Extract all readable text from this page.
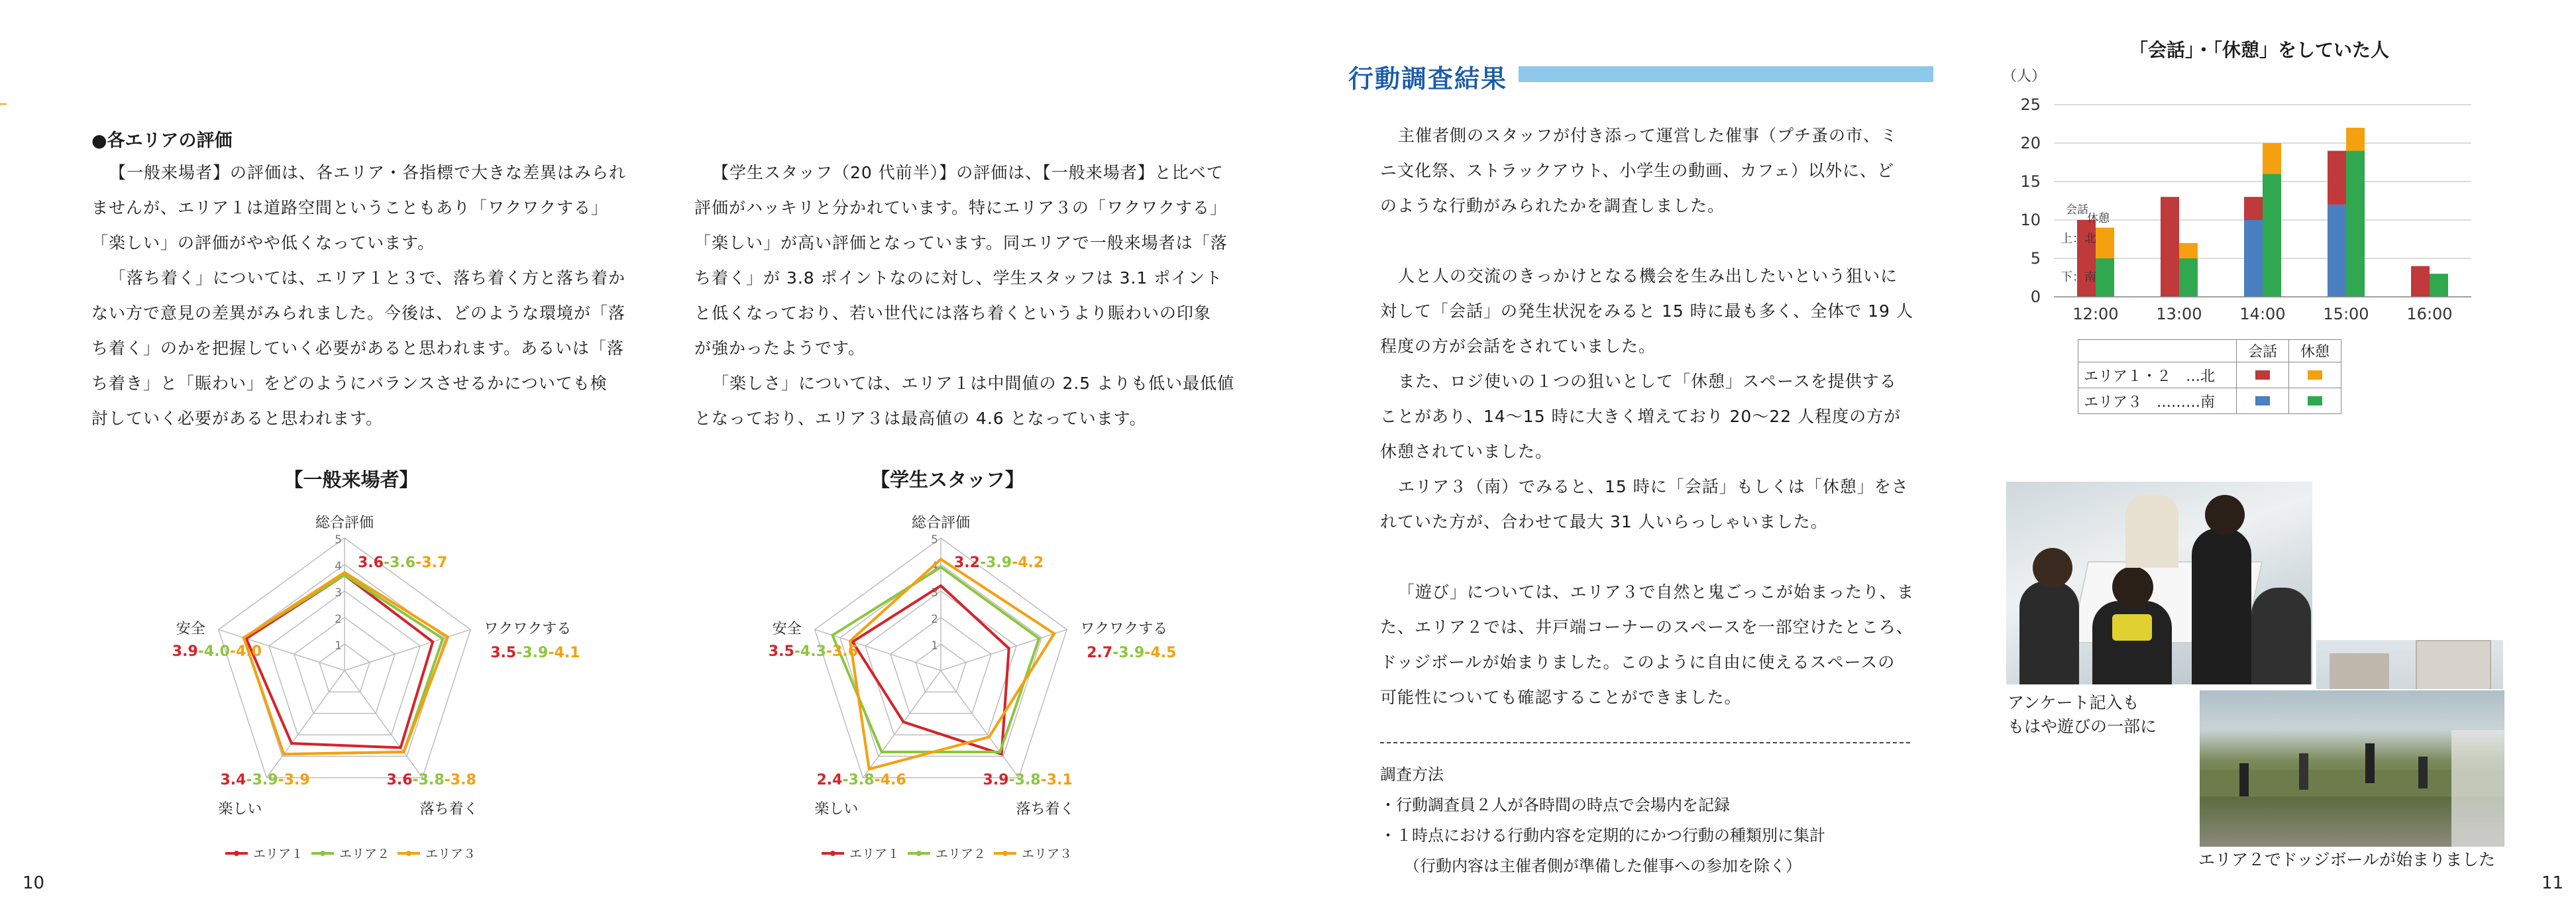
●各エリアの評価

【一般来場者】の評価は、各エリア・各指標で大きな差異はみられ

ませんが、エリア１は道路空間ということもあり「ワクワクする」

「楽しい」の評価がやや低くなっています。

「落ち着く」については、エリア１と３で、落ち着く方と落ち着か

ない方で意見の差異がみられました。今後は、どのような環境が「落

ち着く」のかを把握していく必要があると思われます。あるいは「落

ち着き」と「賑わい」をどのようにバランスさせるかについても検

討していく必要があると思われます。

【学生スタッフ（20 代前半）】の評価は、【一般来場者】と比べて

評価がハッキリと分かれています。特にエリア３の「ワクワクする」

「楽しい」が高い評価となっています。同エリアで一般来場者は「落

ち着く」が 3.8 ポイントなのに対し、学生スタッフは 3.1 ポイント

と低くなっており、若い世代には落ち着くというより賑わいの印象

が強かったようです。

「楽しさ」については、エリア１は中間値の 2.5 よりも低い最低値

となっており、エリア３は最高値の 4.6 となっています。

【一般来場者】	【学生スタッフ】
1
2
3
4
5
総合評価
3.6-3.6-3.7
ワクワクする
3.5-3.9-4.1
落ち着く
3.6-3.8-3.8
楽しい
3.4-3.9-3.9
安全
3.9-4.0-4.0
エリア１	エリア２	エリア３
1
2
3
4
5
総合評価
3.2-3.9-4.2
ワクワクする
2.7-3.9-4.5
落ち着く
3.9-3.8-3.1
楽しい
2.4-3.8-4.6
安全
3.5-4.3-3.6
エリア１	エリア２	エリア３
10
行動調査結果

主催者側のスタッフが付き添って運営した催事（プチ蚤の市、ミ

ニ文化祭、ストラックアウト、小学生の動画、カフェ）以外に、ど

のような行動がみられたかを調査しました。

人と人の交流のきっかけとなる機会を生み出したいという狙いに

対して「会話」の発生状況をみると 15 時に最も多く、全体で 19 人

程度の方が会話をされていました。

また、ロジ使いの１つの狙いとして「休憩」スペースを提供する

ことがあり、14〜15 時に大きく増えており 20〜22 人程度の方が

休憩されていました。

エリア３（南）でみると、15 時に「会話」もしくは「休憩」をさ

れていた方が、合わせて最大 31 人いらっしゃいました。

「遊び」については、エリア３で自然と鬼ごっこが始まったり、ま

た、エリア２では、井戸端コーナーのスペースを一部空けたところ、

ドッジボールが始まりました。このように自由に使えるスペースの

可能性についても確認することができました。

調査方法
・行動調査員２人が各時間の時点で会場内を記録
・１時点における行動内容を定期的にかつ行動の種類別に集計
（行動内容は主催者側が準備した催事への参加を除く）
「会話」・「休憩」をしていた人
（人）
0
5
10
15
20
25
12:00 13:00 14:00 15:00 16:00
会話
休憩
上：北
下：南
	会話	休憩
エリア１・２　…北		
エリア３　………南		
アンケート記入も
もはや遊びの一部に
エリア２でドッジボールが始まりました
11
